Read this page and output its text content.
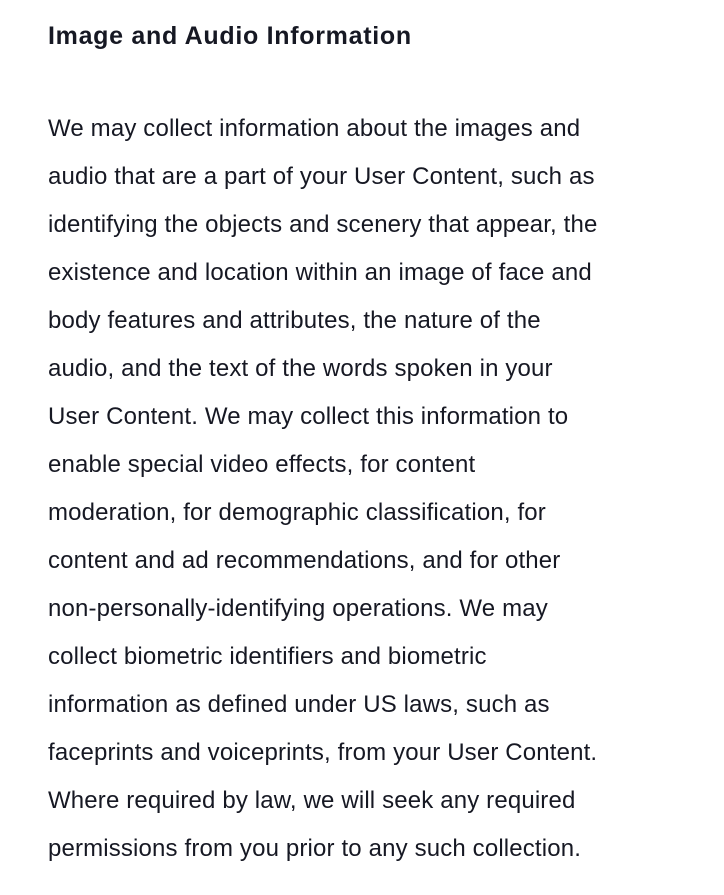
Image and Audio Information
We may collect information about the images and
audio that are a part of your User Content, such as
identifying the objects and scenery that appear, the
existence and location within an image of face and
body features and attributes, the nature of the
audio, and the text of the words spoken in your
User Content. We may collect this information to
enable special video effects, for content
moderation, for demographic classification, for
content and ad recommendations, and for other
non-personally-identifying operations. We may
collect biometric identifiers and biometric
information as defined under US laws, such as
faceprints and voiceprints, from your User Content.
Where required by law, we will seek any required
permissions from you prior to any such collection.
